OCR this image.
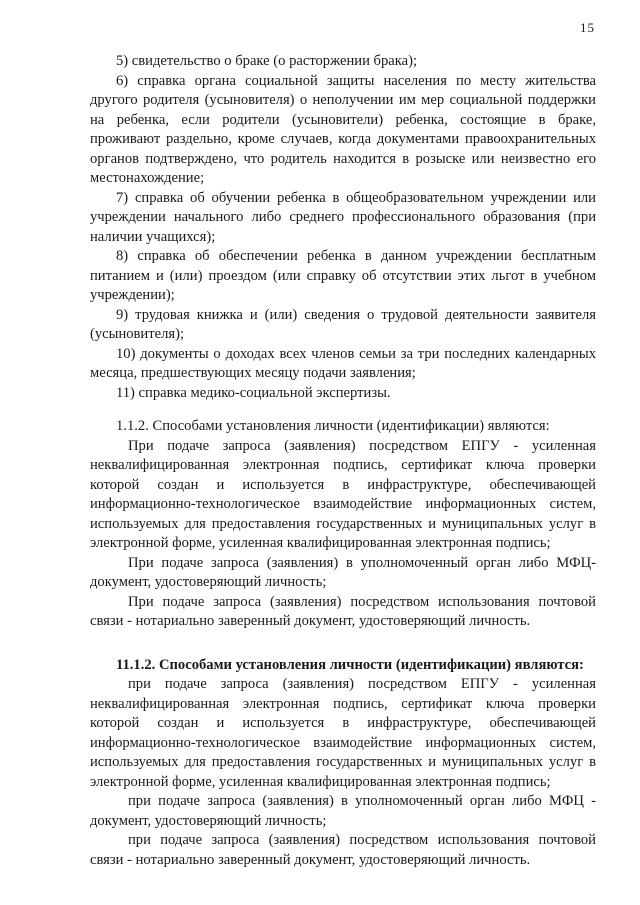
15

5) свидетельство о браке (о расторжении брака);

6) справка органа социальной защиты населения по месту жительства другого родителя (усыновителя) о неполучении им мер социальной поддержки на ребенка, если родители (усыновители) ребенка, состоящие в браке, проживают раздельно, кроме случаев, когда документами правоохранительных органов подтверждено, что родитель находится в розыске или неизвестно его местонахождение;

7) справка об обучении ребенка в общеобразовательном учреждении или учреждении начального либо среднего профессионального образования (при наличии учащихся);

8) справка об обеспечении ребенка в данном учреждении бесплатным питанием и (или) проездом (или справку об отсутствии этих льгот в учебном учреждении);

9) трудовая книжка и (или) сведения о трудовой деятельности заявителя (усыновителя);

10) документы о доходах всех членов семьи за три последних календарных месяца, предшествующих месяцу подачи заявления;

11) справка медико-социальной экспертизы.

1.1.2. Способами установления личности (идентификации) являются:

При подаче запроса (заявления) посредством ЕПГУ - усиленная неквалифицированная электронная подпись, сертификат ключа проверки которой создан и используется в инфраструктуре, обеспечивающей информационно-технологическое взаимодействие информационных систем, используемых для предоставления государственных и муниципальных услуг в электронной форме, усиленная квалифицированная электронная подпись;

При подаче запроса (заявления) в уполномоченный орган либо МФЦ-документ, удостоверяющий личность;

При подаче запроса (заявления) посредством использования почтовой связи - нотариально заверенный документ, удостоверяющий личность.

11.1.2. Способами установления личности (идентификации) являются:

при подаче запроса (заявления) посредством ЕПГУ - усиленная неквалифицированная электронная подпись, сертификат ключа проверки которой создан и используется в инфраструктуре, обеспечивающей информационно-технологическое взаимодействие информационных систем, используемых для предоставления государственных и муниципальных услуг в электронной форме, усиленная квалифицированная электронная подпись;

при подаче запроса (заявления) в уполномоченный орган либо МФЦ - документ, удостоверяющий личность;

при подаче запроса (заявления) посредством использования почтовой связи - нотариально заверенный документ, удостоверяющий личность.
